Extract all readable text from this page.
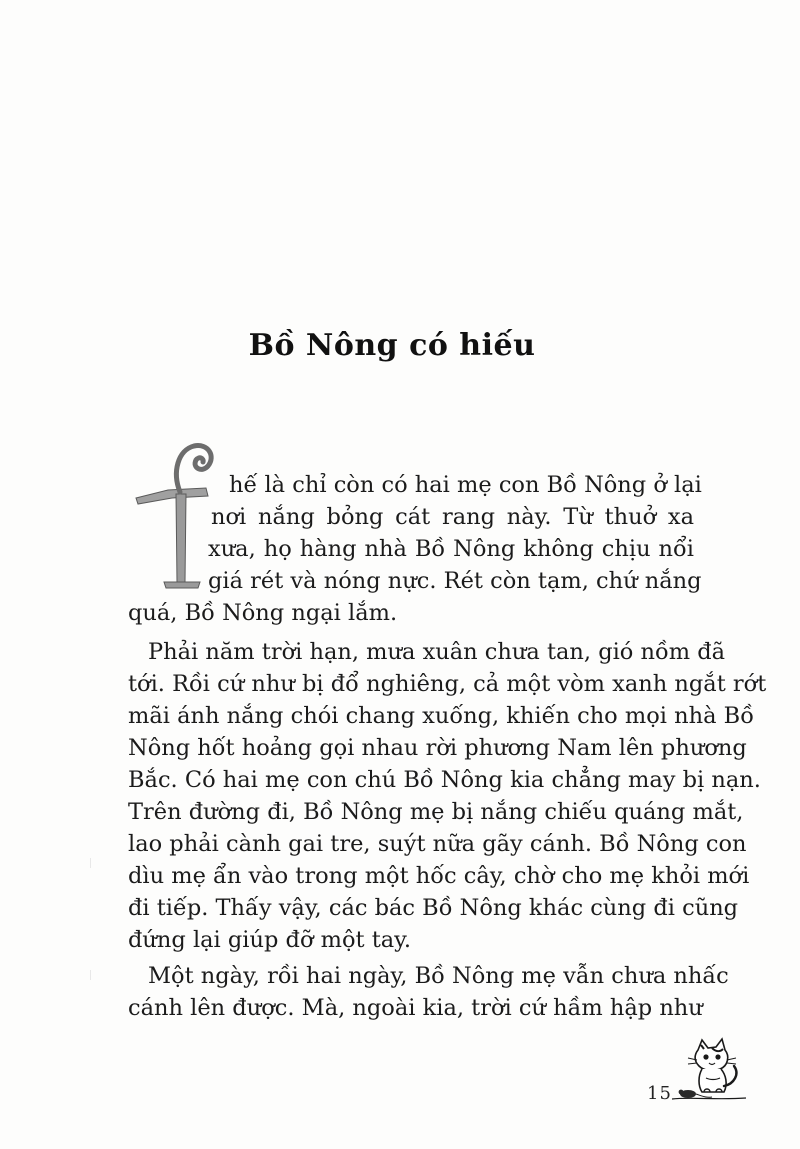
Bồ Nông có hiếu
hế là chỉ còn có hai mẹ con Bồ Nông ở lại
nơi nắng bỏng cát rang này. Từ thuở xa
xưa, họ hàng nhà Bồ Nông không chịu nổi
giá rét và nóng nực. Rét còn tạm, chứ nắng
quá, Bồ Nông ngại lắm.
Phải năm trời hạn, mưa xuân chưa tan, gió nồm đã
tới. Rồi cứ như bị đổ nghiêng, cả một vòm xanh ngắt rớt
mãi ánh nắng chói chang xuống, khiến cho mọi nhà Bồ
Nông hốt hoảng gọi nhau rời phương Nam lên phương
Bắc. Có hai mẹ con chú Bồ Nông kia chẳng may bị nạn.
Trên đường đi, Bồ Nông mẹ bị nắng chiếu quáng mắt,
lao phải cành gai tre, suýt nữa gãy cánh. Bồ Nông con
dìu mẹ ẩn vào trong một hốc cây, chờ cho mẹ khỏi mới
đi tiếp. Thấy vậy, các bác Bồ Nông khác cùng đi cũng
đứng lại giúp đỡ một tay.
Một ngày, rồi hai ngày, Bồ Nông mẹ vẫn chưa nhấc
cánh lên được. Mà, ngoài kia, trời cứ hầm hập như
15
